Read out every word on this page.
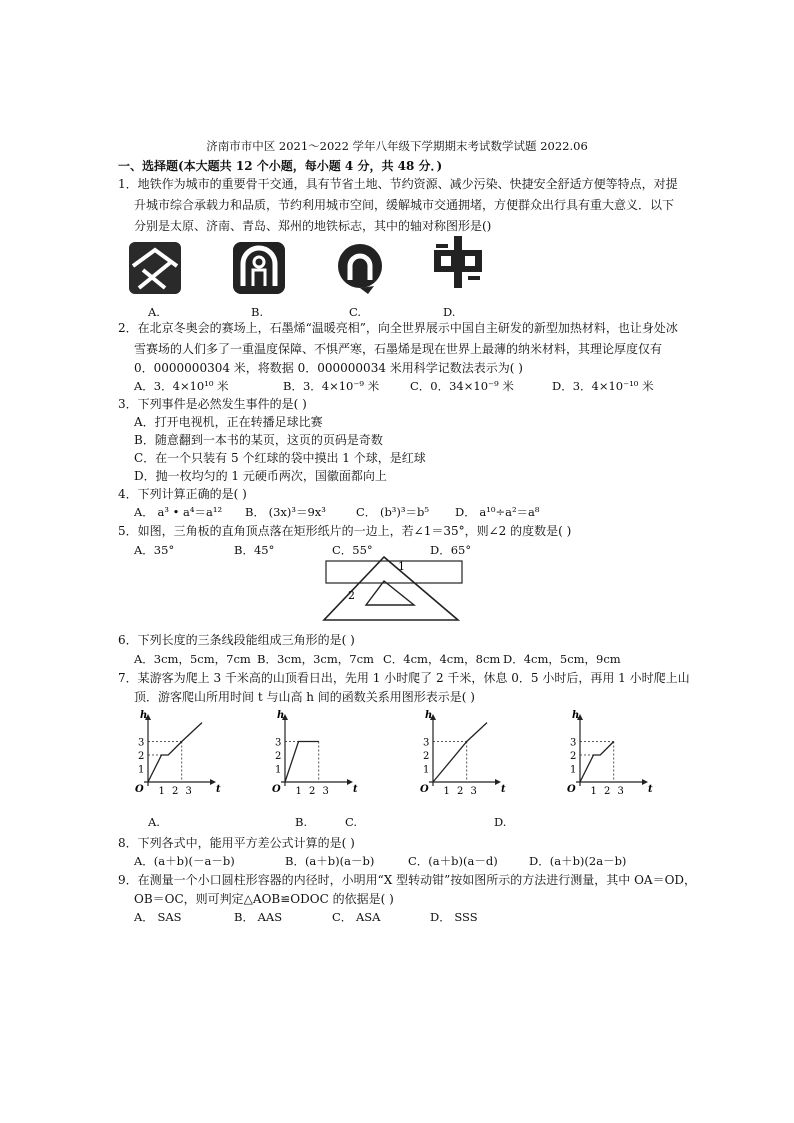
济南市市中区 2021～2022 学年八年级下学期期末考试数学试题 2022.06
一、选择题(本大题共 12 个小题，每小题 4 分，共 48 分．)
1．地铁作为城市的重要骨干交通，具有节省土地、节约资源、减少污染、快捷安全舒适方便等特点，对提
升城市综合承载力和品质，节约利用城市空间，缓解城市交通拥堵，方便群众出行具有重大意义．以下
分别是太原、济南、青岛、郑州的地铁标志，其中的轴对称图形是()
A.	B.	C.	D.
2．在北京冬奥会的赛场上，石墨烯“温暖亮相”，向全世界展示中国自主研发的新型加热材料，也让身处冰
雪赛场的人们多了一重温度保障、不惧严寒，石墨烯是现在世界上最薄的纳米材料，其理论厚度仅有
0．0000000304 米，将数据 0．000000034 米用科学记数法表示为( )
A．3．4×10¹⁰ 米	B．3．4×10⁻⁹ 米	C．0．34×10⁻⁹ 米	D．3．4×10⁻¹⁰ 米
3．下列事件是必然发生事件的是( )
A．打开电视机，正在转播足球比赛
B．随意翻到一本书的某页，这页的页码是奇数
C．在一个只装有 5 个红球的袋中摸出 1 个球，是红球
D．抛一枚均匀的 1 元硬币两次，国徽面都向上
4．下列计算正确的是( )
A． a³ • a⁴＝a¹² B． (3x)³＝9x³	C． (b³)³＝b⁵ D． a¹⁰÷a²＝a⁸
5．如图，三角板的直角顶点落在矩形纸片的一边上，若∠1＝35°，则∠2 的度数是( )
A．35°	B．45°	C．55°	D．65°
1
2
6．下列长度的三条线段能组成三角形的是( )
A．3cm，5cm，7cm B．3cm，3cm，7cm C．4cm，4cm，8cm D．4cm，5cm，9cm
7．某游客为爬上 3 千米高的山顶看日出，先用 1 小时爬了 2 千米，休息 0．5 小时后，再用 1 小时爬上山
顶．游客爬山所用时间 t 与山高 h 间的函数关系用图形表示是( )
h
t
O 1
1
2
2
3
3
h
t
O 1
1
2
2
3
3
h
t
O 1
1
2
2
3
3
h
t
O 1
1
2
2
3
3
A.	B.	C.	D.
8．下列各式中，能用平方差公式计算的是( )
A．(a＋b)(－a－b)	B．(a＋b)(a－b)	C．(a＋b)(a－d)	D．(a＋b)(2a－b)
9．在测量一个小口圆柱形容器的内径时，小明用“X 型转动钳”按如图所示的方法进行测量，其中 OA＝OD，
OB＝OC，则可判定△AOB≌ODOC 的依据是( )
A． SAS	B． AAS	C． ASA	D． SSS
